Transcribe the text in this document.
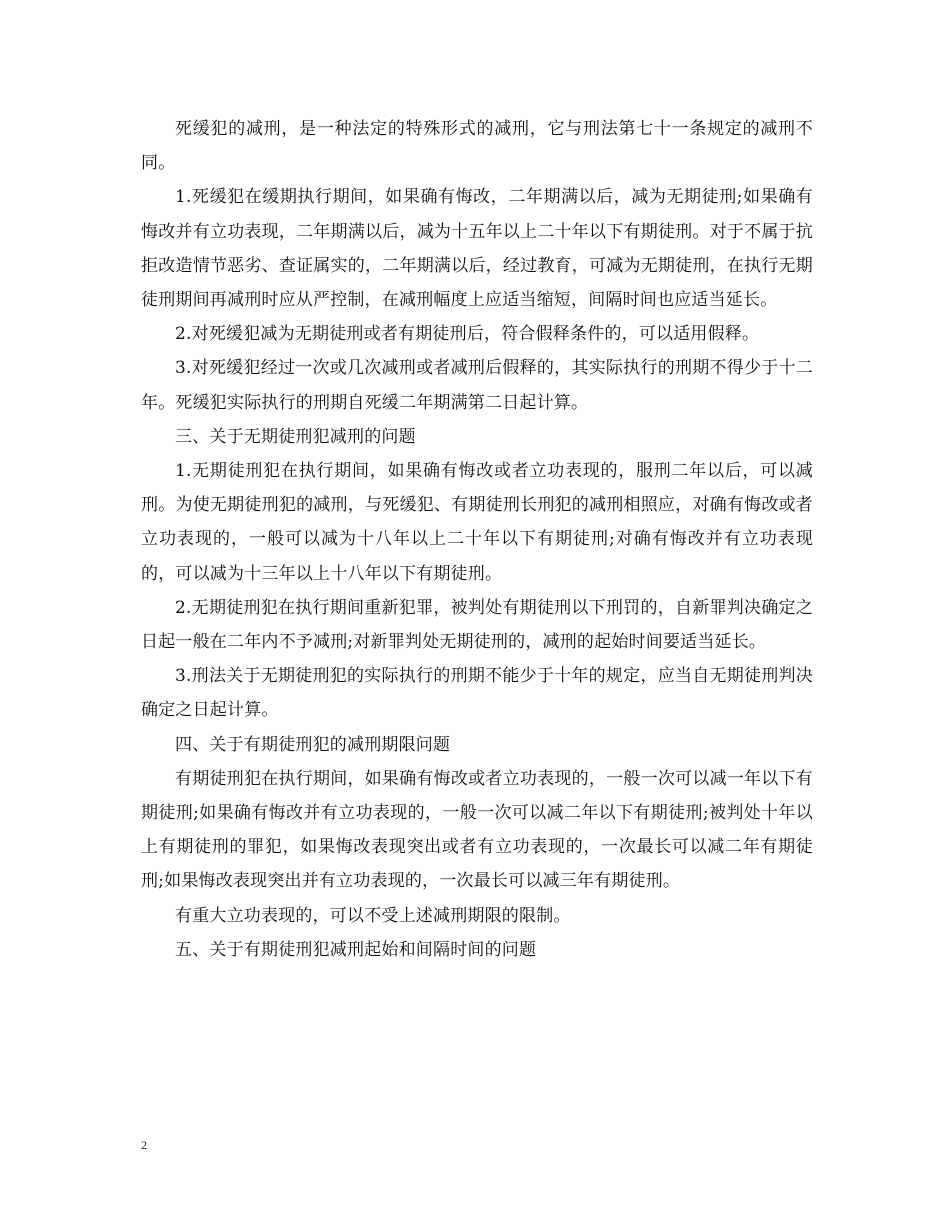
死缓犯的减刑，是一种法定的特殊形式的减刑，它与刑法第七十一条规定的减刑不同。

1.死缓犯在缓期执行期间，如果确有悔改，二年期满以后，减为无期徒刑;如果确有悔改并有立功表现，二年期满以后，减为十五年以上二十年以下有期徒刑。对于不属于抗拒改造情节恶劣、查证属实的，二年期满以后，经过教育，可减为无期徒刑，在执行无期徒刑期间再减刑时应从严控制，在减刑幅度上应适当缩短，间隔时间也应适当延长。

2.对死缓犯减为无期徒刑或者有期徒刑后，符合假释条件的，可以适用假释。

3.对死缓犯经过一次或几次减刑或者减刑后假释的，其实际执行的刑期不得少于十二年。死缓犯实际执行的刑期自死缓二年期满第二日起计算。

三、关于无期徒刑犯减刑的问题

1.无期徒刑犯在执行期间，如果确有悔改或者立功表现的，服刑二年以后，可以减刑。为使无期徒刑犯的减刑，与死缓犯、有期徒刑长刑犯的减刑相照应，对确有悔改或者立功表现的，一般可以减为十八年以上二十年以下有期徒刑;对确有悔改并有立功表现的，可以减为十三年以上十八年以下有期徒刑。

2.无期徒刑犯在执行期间重新犯罪，被判处有期徒刑以下刑罚的，自新罪判决确定之日起一般在二年内不予减刑;对新罪判处无期徒刑的，减刑的起始时间要适当延长。

3.刑法关于无期徒刑犯的实际执行的刑期不能少于十年的规定，应当自无期徒刑判决确定之日起计算。

四、关于有期徒刑犯的减刑期限问题

有期徒刑犯在执行期间，如果确有悔改或者立功表现的，一般一次可以减一年以下有期徒刑;如果确有悔改并有立功表现的，一般一次可以减二年以下有期徒刑;被判处十年以上有期徒刑的罪犯，如果悔改表现突出或者有立功表现的，一次最长可以减二年有期徒刑;如果悔改表现突出并有立功表现的，一次最长可以减三年有期徒刑。

有重大立功表现的，可以不受上述减刑期限的限制。

五、关于有期徒刑犯减刑起始和间隔时间的问题

2
